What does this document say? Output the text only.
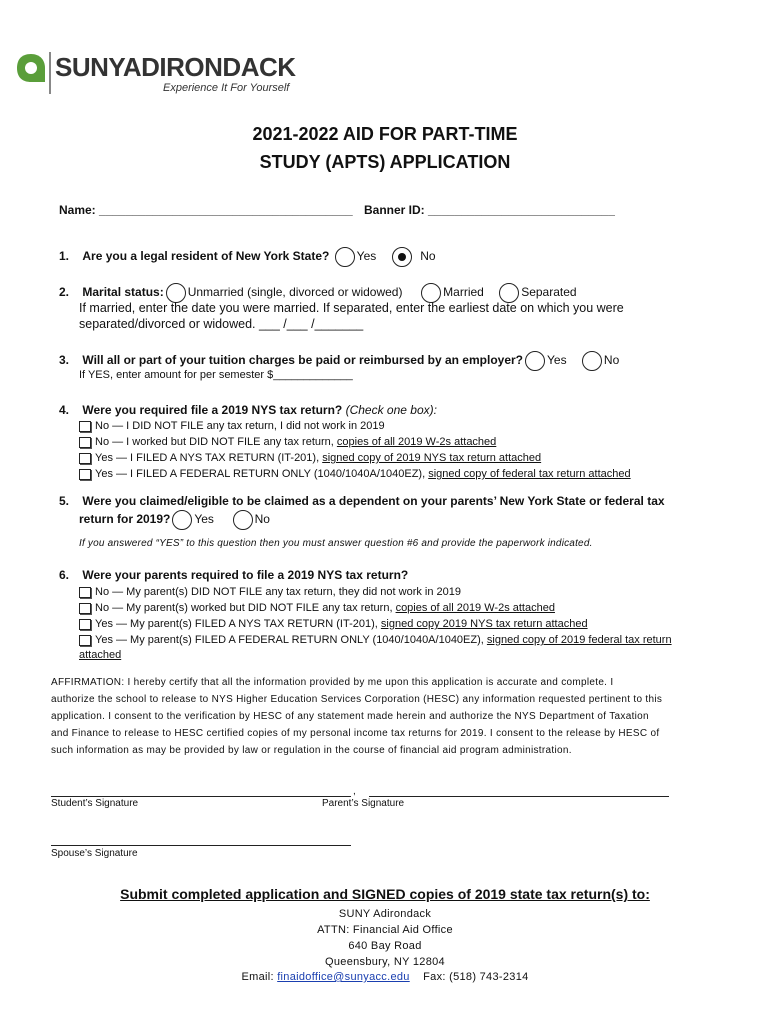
SUNYADIRONDACK
Experience It For Yourself
2021-2022 AID FOR PART-TIME
STUDY (APTS) APPLICATION
Name: ______________________________________ Banner ID: ____________________________
1. Are you a legal resident of New York State? Yes	No
2. Marital status: Unmarried (single, divorced or widowed)	Married	Separated
If married, enter the date you were married. If separated, enter the earliest date on which you were
separated/divorced or widowed. ___ /___ /_______
3. Will all or part of your tuition charges be paid or reimbursed by an employer? Yes	No
If YES, enter amount for per semester $_____________
4. Were you required file a 2019 NYS tax return? (Check one box):
No — I DID NOT FILE any tax return, I did not work in 2019
No — I worked but DID NOT FILE any tax return, copies of all 2019 W-2s attached
Yes — I FILED A NYS TAX RETURN (IT-201), signed copy of 2019 NYS tax return attached
Yes — I FILED A FEDERAL RETURN ONLY (1040/1040A/1040EZ), signed copy of federal tax return attached
5. Were you claimed/eligible to be claimed as a dependent on your parents’ New York State or federal tax
return for 2019? Yes	No
If you answered “YES” to this question then you must answer question #6 and provide the paperwork indicated.
6. Were your parents required to file a 2019 NYS tax return?
No — My parent(s) DID NOT FILE any tax return, they did not work in 2019
No — My parent(s) worked but DID NOT FILE any tax return, copies of all 2019 W-2s attached
Yes — My parent(s) FILED A NYS TAX RETURN (IT-201), signed copy 2019 NYS tax return attached
Yes — My parent(s) FILED A FEDERAL RETURN ONLY (1040/1040A/1040EZ), signed copy of 2019 federal tax return
attached
AFFIRMATION: I hereby certify that all the information provided by me upon this application is accurate and complete. I
authorize the school to release to NYS Higher Education Services Corporation (HESC) any information requested pertinent to this
application. I consent to the verification by HESC of any statement made herein and authorize the NYS Department of Taxation
and Finance to release to HESC certified copies of my personal income tax returns for 2019. I consent to the release by HESC of
such information as may be provided by law or regulation in the course of financial aid program administration.
,
Student’s Signature	Parent’s Signature
Spouse’s Signature
Submit completed application and SIGNED copies of 2019 state tax return(s) to:
SUNY Adirondack
ATTN: Financial Aid Office
640 Bay Road
Queensbury, NY 12804
Email: finaidoffice@sunyacc.edu Fax: (518) 743-2314
